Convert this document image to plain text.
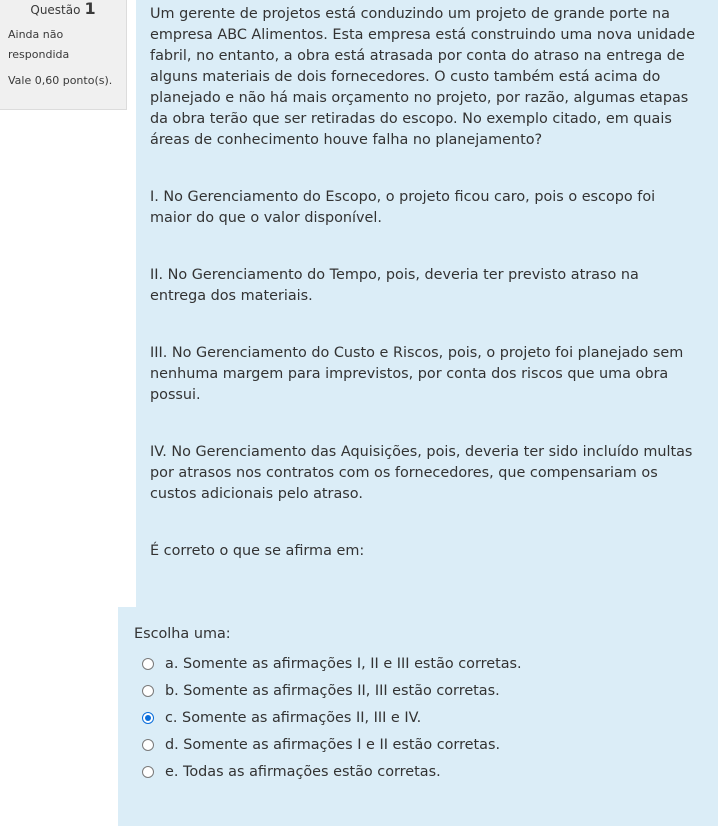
Questão 1
Ainda não respondida
Vale 0,60 ponto(s).

Um gerente de projetos está conduzindo um projeto de grande porte na empresa ABC Alimentos. Esta empresa está construindo uma nova unidade fabril, no entanto, a obra está atrasada por conta do atraso na entrega de alguns materiais de dois fornecedores. O custo também está acima do planejado e não há mais orçamento no projeto, por razão, algumas etapas da obra terão que ser retiradas do escopo. No exemplo citado, em quais áreas de conhecimento houve falha no planejamento?

I. No Gerenciamento do Escopo, o projeto ficou caro, pois o escopo foi maior do que o valor disponível.

II. No Gerenciamento do Tempo, pois, deveria ter previsto atraso na entrega dos materiais.

III. No Gerenciamento do Custo e Riscos, pois, o projeto foi planejado sem nenhuma margem para imprevistos, por conta dos riscos que uma obra possui.

IV. No Gerenciamento das Aquisições, pois, deveria ter sido incluído multas por atrasos nos contratos com os fornecedores, que compensariam os custos adicionais pelo atraso.

É correto o que se afirma em:

Escolha uma:
a. Somente as afirmações I, II e III estão corretas.
b. Somente as afirmações II, III estão corretas.
c. Somente as afirmações II, III e IV.
d. Somente as afirmações I e II estão corretas.
e. Todas as afirmações estão corretas.
